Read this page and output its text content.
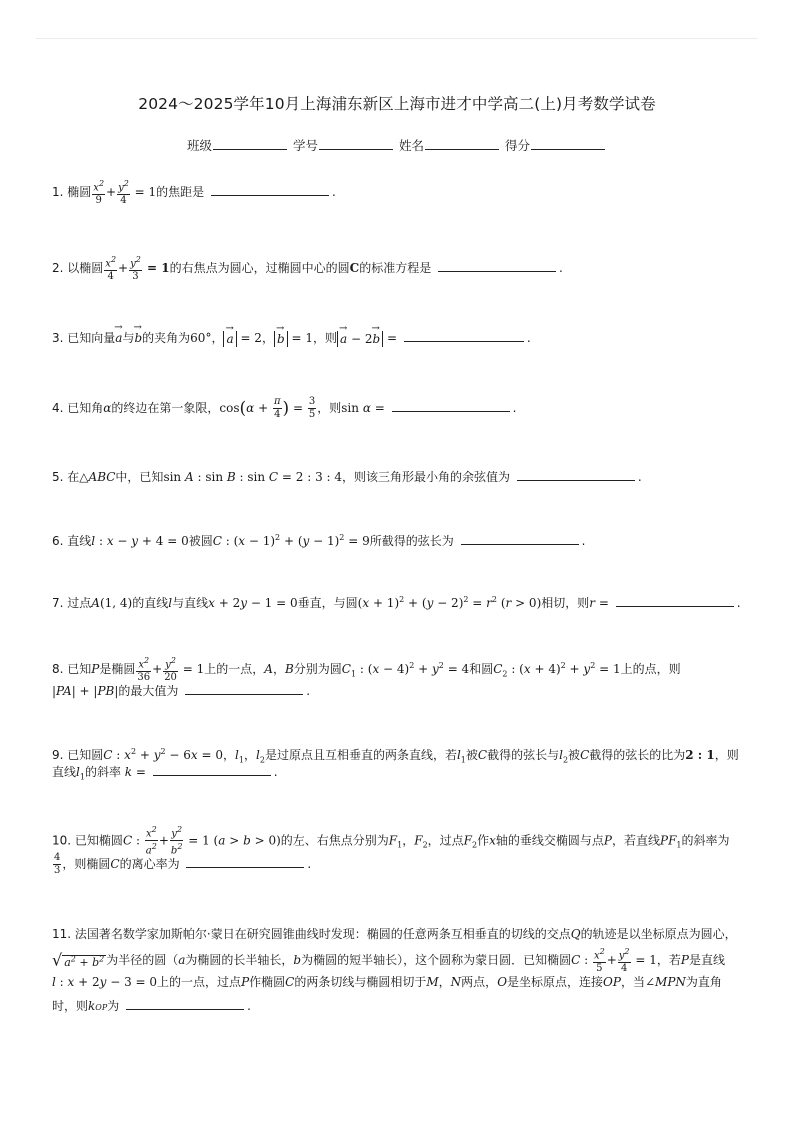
2024～2025学年10月上海浦东新区上海市进才中学高二(上)月考数学试卷
班级	学号	姓名	得分
1. 椭圆 $\frac{x^2}{9} + \frac{y^2}{4} = 1$的焦距是	.
2. 以椭圆 $\frac{x^2}{4} + \frac{y^2}{3} = 1$的右焦点为圆心，过椭圆中心的圆C的标准方程是	.
3. 已知向量→ a与→ b的夹角为60°， → a = 2， → b = 1，则 → a − 2→ b =	.
4. 已知角α的终边在第一象限，$\cos(\alpha + \frac{\pi}{4}$ ) = $\frac{3}{5}$ ，则sin α =	.
5. 在△ABC中，已知sin A : sin B : sin C = 2 : 3 : 4，则该三角形最小角的余弦值为	.
6. 直线l : x − y + 4 = 0被圆C : $(x - 1)^2 + (y - 1)^2 = 9$所截得的弦长为	.
7. 过点A(1, 4)的直线l与直线x + 2y − 1 = 0垂直，与圆$(x + 1)^2 + (y - 2)^2 = r^2$ (r > 0)相切，则r =	.
8. 已知P是椭圆 $\frac{x^2}{36} + \frac{y^2}{20} = 1$上的一点，A，B分别为圆$C_1$ : $(x - 4)^2 + y^2 = 4$和圆$C_2$ : $(x + 4)^2 + y^2 = 1$上的点，则
|PA| + |PB|的最大值为	.
9. 已知圆C : $x^2 + y^2 - 6x = 0$，$l_1$，$l_2$是过原点且互相垂直的两条直线，若$l_1$被C截得的弦长与$l_2$被C截得的弦长的比为2 : 1，则
直线$l_1$的斜率 k =	.
10. 已知椭圆C : $\frac{x^2}{a^2} + \frac{y^2}{b^2} = 1$ (a > b > 0)的左、右焦点分别为$F_1$，$F_2$，过点$F_2$作x轴的垂线交椭圆与点P，若直线$PF_1$的斜率为
$\frac{4}{3}$ ，则椭圆C的离心率为	.
11. 法国著名数学家加斯帕尔·蒙日在研究圆锥曲线时发现：椭圆的任意两条互相垂直的切线的交点Q的轨迹是以坐标原点为圆心，
√ $a^2 + b^2$ 为半径的圆（a为椭圆的长半轴长，b为椭圆的短半轴长），这个圆称为蒙日圆．已知椭圆C : $\frac{x^2}{5} + \frac{y^2}{4} = 1$，若P是直线
l : x + 2y − 3 = 0上的一点，过点P作椭圆C的两条切线与椭圆相切于M，N两点，O是坐标原点，连接OP，当∠MPN为直角
时，则kOP为	.
